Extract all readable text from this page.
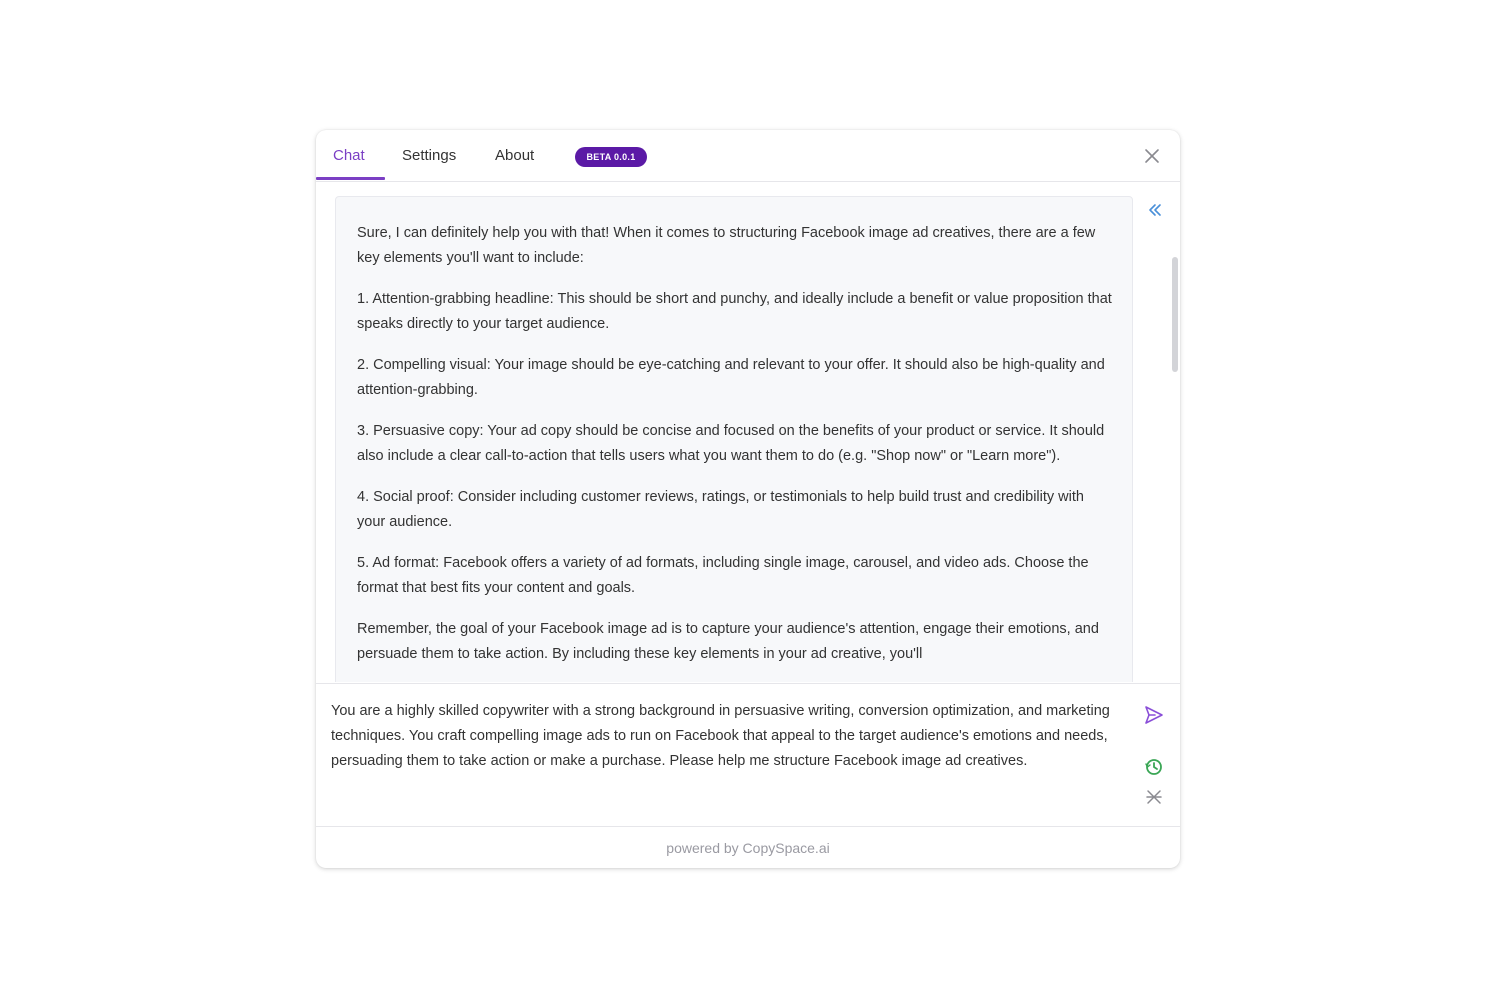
Chat Settings	About	BETA 0.0.1

Sure, I can definitely help you with that! When it comes to structuring Facebook image ad creatives, there are a few key elements you'll want to include:

1. Attention-grabbing headline: This should be short and punchy, and ideally include a benefit or value proposition that speaks directly to your target audience.

2. Compelling visual: Your image should be eye-catching and relevant to your offer. It should also be high-quality and attention-grabbing.

3. Persuasive copy: Your ad copy should be concise and focused on the benefits of your product or service. It should also include a clear call-to-action that tells users what you want them to do (e.g. "Shop now" or "Learn more").

4. Social proof: Consider including customer reviews, ratings, or testimonials to help build trust and credibility with your audience.

5. Ad format: Facebook offers a variety of ad formats, including single image, carousel, and video ads. Choose the format that best fits your content and goals.

Remember, the goal of your Facebook image ad is to capture your audience's attention, engage their emotions, and persuade them to take action. By including these key elements in your ad creative, you'll

You are a highly skilled copywriter with a strong background in persuasive writing, conversion optimization, and marketing techniques. You craft compelling image ads to run on Facebook that appeal to the target audience's emotions and needs, persuading them to take action or make a purchase. Please help me structure Facebook image ad creatives.
powered by CopySpace.ai
